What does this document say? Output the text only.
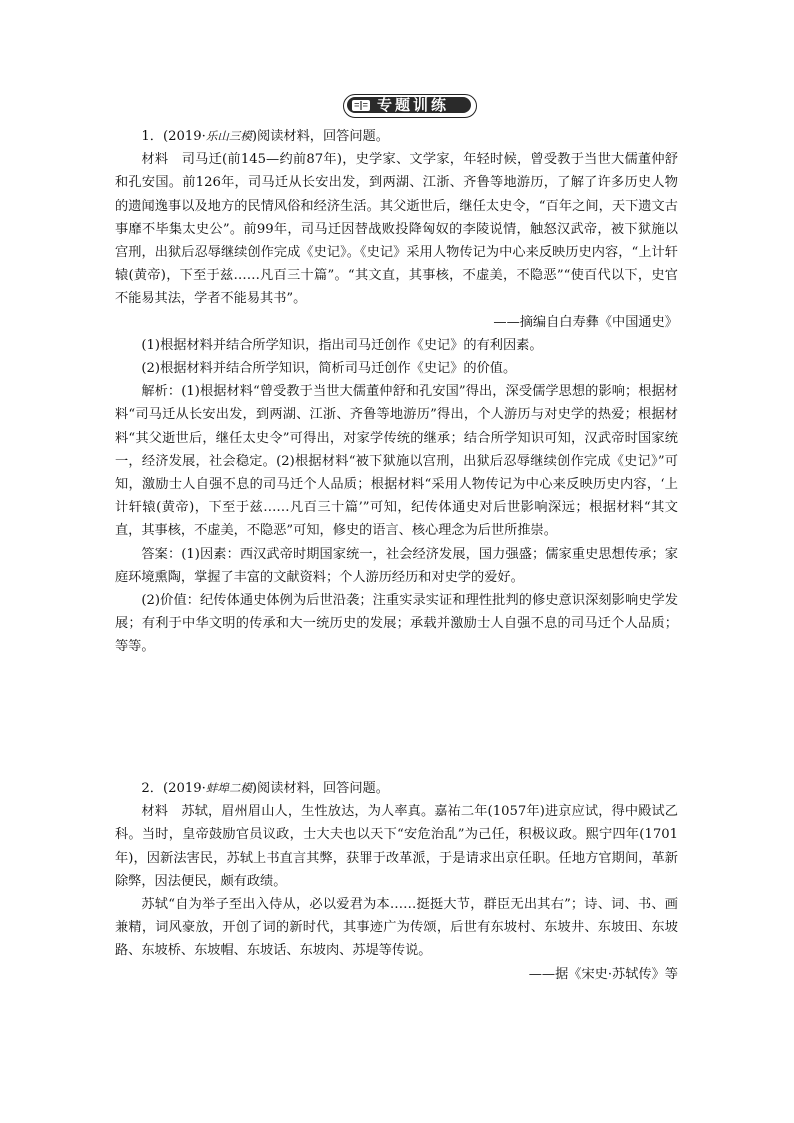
专题训练

1．(2019·乐山三模)阅读材料，回答问题。

材料　司马迁(前145—约前87年)，史学家、文学家，年轻时候，曾受教于当世大儒董仲舒和孔安国。前126年，司马迁从长安出发，到两湖、江浙、齐鲁等地游历，了解了许多历史人物的遗闻逸事以及地方的民情风俗和经济生活。其父逝世后，继任太史令，“百年之间，天下遗文古事靡不毕集太史公”。前99年，司马迁因替战败投降匈奴的李陵说情，触怒汉武帝，被下狱施以宫刑，出狱后忍辱继续创作完成《史记》。《史记》采用人物传记为中心来反映历史内容，“上计轩辕(黄帝)，下至于兹……凡百三十篇”。“其文直，其事核，不虚美，不隐恶”“使百代以下，史官不能易其法，学者不能易其书”。

——摘编自白寿彝《中国通史》

(1)根据材料并结合所学知识，指出司马迁创作《史记》的有利因素。

(2)根据材料并结合所学知识，简析司马迁创作《史记》的价值。

解析：(1)根据材料“曾受教于当世大儒董仲舒和孔安国”得出，深受儒学思想的影响；根据材料“司马迁从长安出发，到两湖、江浙、齐鲁等地游历”得出，个人游历与对史学的热爱；根据材料“其父逝世后，继任太史令”可得出，对家学传统的继承；结合所学知识可知，汉武帝时国家统一，经济发展，社会稳定。(2)根据材料“被下狱施以宫刑，出狱后忍辱继续创作完成《史记》”可知，激励士人自强不息的司马迁个人品质；根据材料“采用人物传记为中心来反映历史内容，‘上计轩辕(黄帝)，下至于兹……凡百三十篇’”可知，纪传体通史对后世影响深远；根据材料“其文直，其事核，不虚美，不隐恶”可知，修史的语言、核心理念为后世所推崇。

答案：(1)因素：西汉武帝时期国家统一，社会经济发展，国力强盛；儒家重史思想传承；家庭环境熏陶，掌握了丰富的文献资料；个人游历经历和对史学的爱好。

(2)价值：纪传体通史体例为后世沿袭；注重实录实证和理性批判的修史意识深刻影响史学发展；有利于中华文明的传承和大一统历史的发展；承载并激励士人自强不息的司马迁个人品质；等等。

2．(2019·蚌埠二模)阅读材料，回答问题。

材料　苏轼，眉州眉山人，生性放达，为人率真。嘉祐二年(1057年)进京应试，得中殿试乙科。当时，皇帝鼓励官员议政，士大夫也以天下“安危治乱”为己任，积极议政。熙宁四年(1701年)，因新法害民，苏轼上书直言其弊，获罪于改革派，于是请求出京任职。任地方官期间，革新除弊，因法便民，颇有政绩。

苏轼“自为举子至出入侍从，必以爱君为本……挺挺大节，群臣无出其右”；诗、词、书、画兼精，词风豪放，开创了词的新时代，其事迹广为传颂，后世有东坡村、东坡井、东坡田、东坡路、东坡桥、东坡帽、东坡话、东坡肉、苏堤等传说。

——据《宋史·苏轼传》等
